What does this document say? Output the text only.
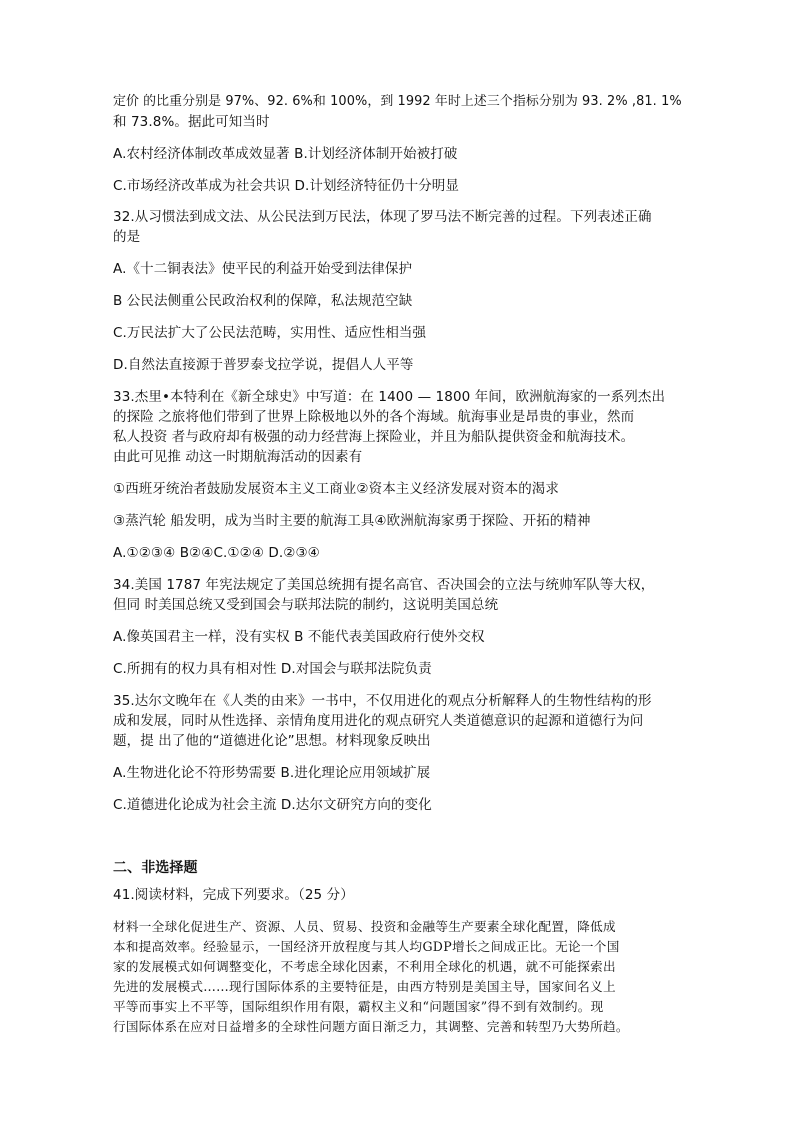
定价 的比重分别是 97%、92. 6%和 100%，到 1992 年时上述三个指标分别为 93. 2% ,81. 1%
和 73.8%。据此可知当时
A.农村经济体制改革成效显著 B.计划经济体制开始被打破
C.市场经济改革成为社会共识 D.计划经济特征仍十分明显
32.从习惯法到成文法、从公民法到万民法，体现了罗马法不断完善的过程。下列表述正确
的是
A.《十二铜表法》使平民的利益开始受到法律保护
B 公民法侧重公民政治权利的保障，私法规范空缺
C.万民法扩大了公民法范畴，实用性、适应性相当强
D.自然法直接源于普罗泰戈拉学说，提倡人人平等
33.杰里•本特利在《新全球史》中写道：在 1400 — 1800 年间，欧洲航海家的一系列杰出
的探险 之旅将他们带到了世界上除极地以外的各个海域。航海事业是昂贵的事业，然而
私人投资 者与政府却有极强的动力经营海上探险业，并且为船队提供资金和航海技术。
由此可见推 动这一时期航海活动的因素有
①西班牙统治者鼓励发展资本主义工商业②资本主义经济发展对资本的渴求
③蒸汽轮 船发明，成为当时主要的航海工具④欧洲航海家勇于探险、开拓的精神
A.①②③④ B②④C.①②④ D.②③④
34.美国 1787 年宪法规定了美国总统拥有提名高官、否决国会的立法与统帅军队等大权，
但同 时美国总统又受到国会与联邦法院的制约，这说明美国总统
A.像英国君主一样，没有实权 B 不能代表美国政府行使外交权
C.所拥有的权力具有相对性 D.对国会与联邦法院负责
35.达尔文晚年在《人类的由来》一书中，不仅用进化的观点分析解释人的生物性结构的形
成和发展，同时从性选择、亲情角度用进化的观点研究人类道德意识的起源和道德行为问
题，提 出了他的“道德进化论”思想。材料现象反映出
A.生物进化论不符形势需要 B.进化理论应用领域扩展
C.道德进化论成为社会主流 D.达尔文研究方向的变化
二、非选择题
41.阅读材料，完成下列要求。（25 分）
材料一全球化促进生产、资源、人员、贸易、投资和金融等生产要素全球化配置，降低成
本和提高效率。经验显示，一国经济开放程度与其人均GDP增长之间成正比。无论一个国
家的发展模式如何调整变化，不考虑全球化因素，不利用全球化的机遇，就不可能探索出
先进的发展模式……现行国际体系的主要特征是，由西方特别是美国主导，国家间名义上
平等而事实上不平等，国际组织作用有限，霸权主义和“问题国家”得不到有效制约。现
行国际体系在应对日益增多的全球性问题方面日渐乏力，其调整、完善和转型乃大势所趋。
